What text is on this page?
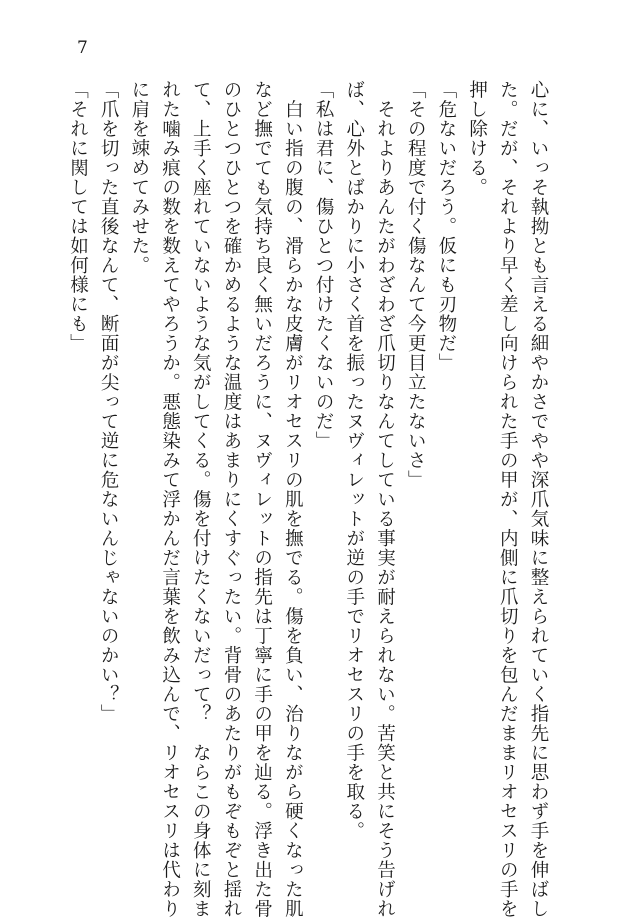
7

心に、いっそ執拗とも言える細やかさでやや深爪気味に整えられていく指先に思わず手を伸ばし

た。だが、それより早く差し向けられた手の甲が、内側に爪切りを包んだままリオセスリの手を

押し除ける。

「危ないだろう。仮にも刃物だ」

「その程度で付く傷なんて今更目立たないさ」

　それよりあんたがわざわざ爪切りなんてしている事実が耐えられない。苦笑と共にそう告げれ

ば、心外とばかりに小さく首を振ったヌヴィレットが逆の手でリオセスリの手を取る。

「私は君に、傷ひとつ付けたくないのだ」

　白い指の腹の、滑らかな皮膚がリオセスリの肌を撫でる。傷を負い、治りながら硬くなった肌

など撫でても気持ち良く無いだろうに、ヌヴィレットの指先は丁寧に手の甲を辿る。浮き出た骨

のひとつひとつを確かめるような温度はあまりにくすぐったい。背骨のあたりがもぞもぞと揺れ

て、上手く座れていないような気がしてくる。傷を付けたくないだって？　ならこの身体に刻ま

れた噛み痕の数を数えてやろうか。悪態染みて浮かんだ言葉を飲み込んで、リオセスリは代わり

に肩を竦めてみせた。

「爪を切った直後なんて、断面が尖って逆に危ないんじゃないのかい？」

「それに関しては如何様にも」
